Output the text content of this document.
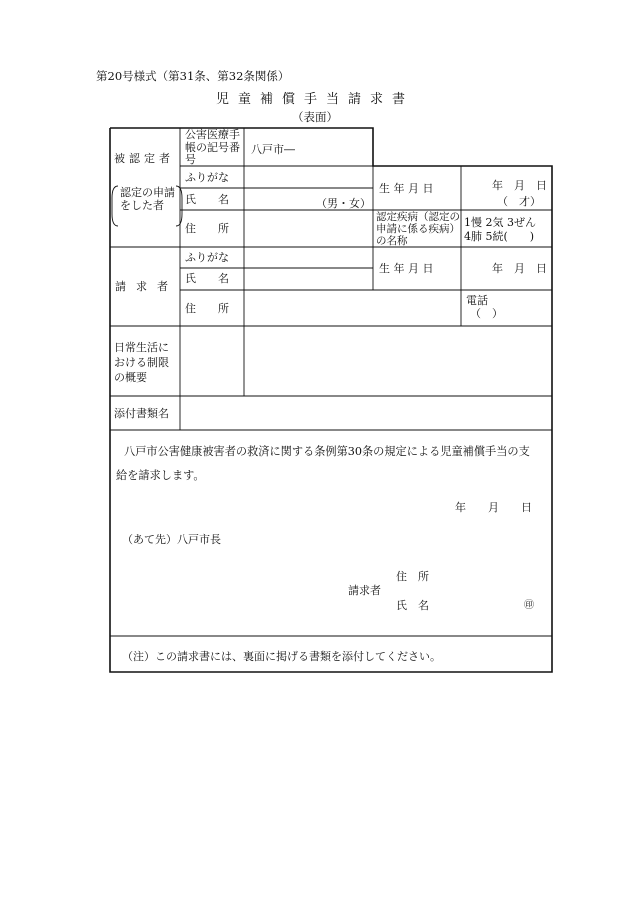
第20号様式（第31条、第32条関係）
児童補償手当請求書
（表面）
被認定者
認定の申請をした者
公害医療手帳の記号番号
八戸市―
ふりがな
氏　　名	（男・女）
生 年 月 日	年　月　日
（　才）
住　　所
認定疾病（認定の申請に係る疾病）の名称
1慢 2気 3ぜん
4肺 5続(　　)
請求者
ふりがな
氏　　名
生 年 月 日	年　月　日
住　　所
電話
（　）
日常生活における制限の概要
添付書類名
八戸市公害健康被害者の救済に関する条例第30条の規定による児童補償手当の支
給を請求します。
年　　月　　日
（あて先）八戸市長
請求者
住　所
氏　名	㊞
（注）この請求書には、裏面に掲げる書類を添付してください。
